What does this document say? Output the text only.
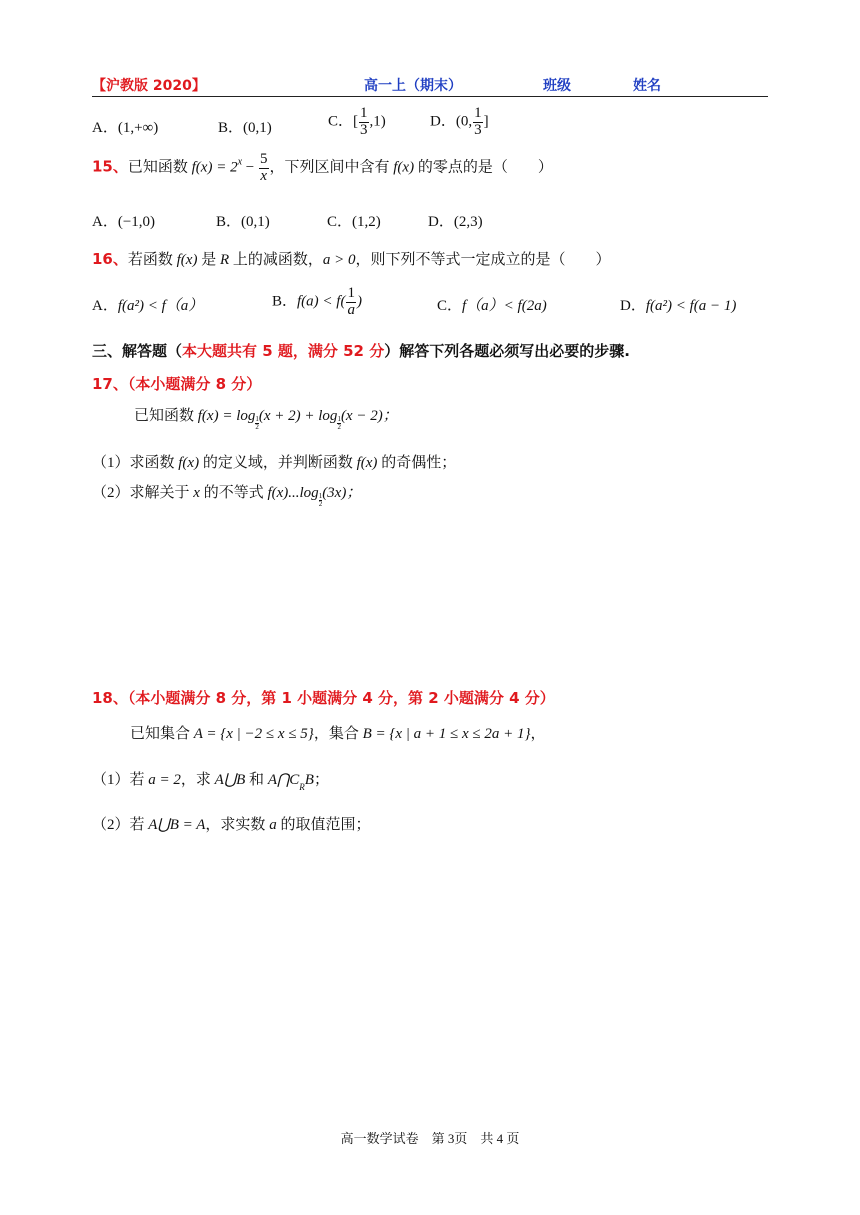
【沪教版 2020】	高一上（期末）	班级	姓名
A．(1,+∞)	B．(0,1)	C．[ $\frac{1}{3} ,1$)	D．(0, $\frac{1}{3}$ ]
15、已知函数 $f(x) = 2^x - \frac{5}{x}$ ，下列区间中含有 f(x) 的零点的是（　　）
A．(−1,0)	B．(0,1)	C．(1,2)	D．(2,3)
16、若函数 f(x) 是 R 上的减函数，a > 0，则下列不等式一定成立的是（　　）
A．f(a²) < f（a）	B．$f(a) < f( \frac{1}{a}$ )	C．f（a）< f(2a)	D．f(a²) < f(a − 1)
三、解答题（本大题共有 5 题，满分 52 分）解答下列各题必须写出必要的步骤.
17、（本小题满分 8 分）
已知函数 $f(x) = \log \frac{1}{2}(x + 2) + \log \frac{1}{2}(x - 2)$；
（1）求函数 f(x) 的定义域，并判断函数 f(x) 的奇偶性；
（2）求解关于 x 的不等式 $f(x)...\log \frac{1}{2}(3x)$；
18、（本小题满分 8 分，第 1 小题满分 4 分，第 2 小题满分 4 分）
已知集合 A = {x | −2 ≤ x ≤ 5}，集合 B = {x | a + 1 ≤ x ≤ 2a + 1}，
（1）若 a = 2，求 A⋃B 和 $A⋂C_RB$；
（2）若 A⋃B = A，求实数 a 的取值范围；
高一数学试卷　第 3页　共 4 页
